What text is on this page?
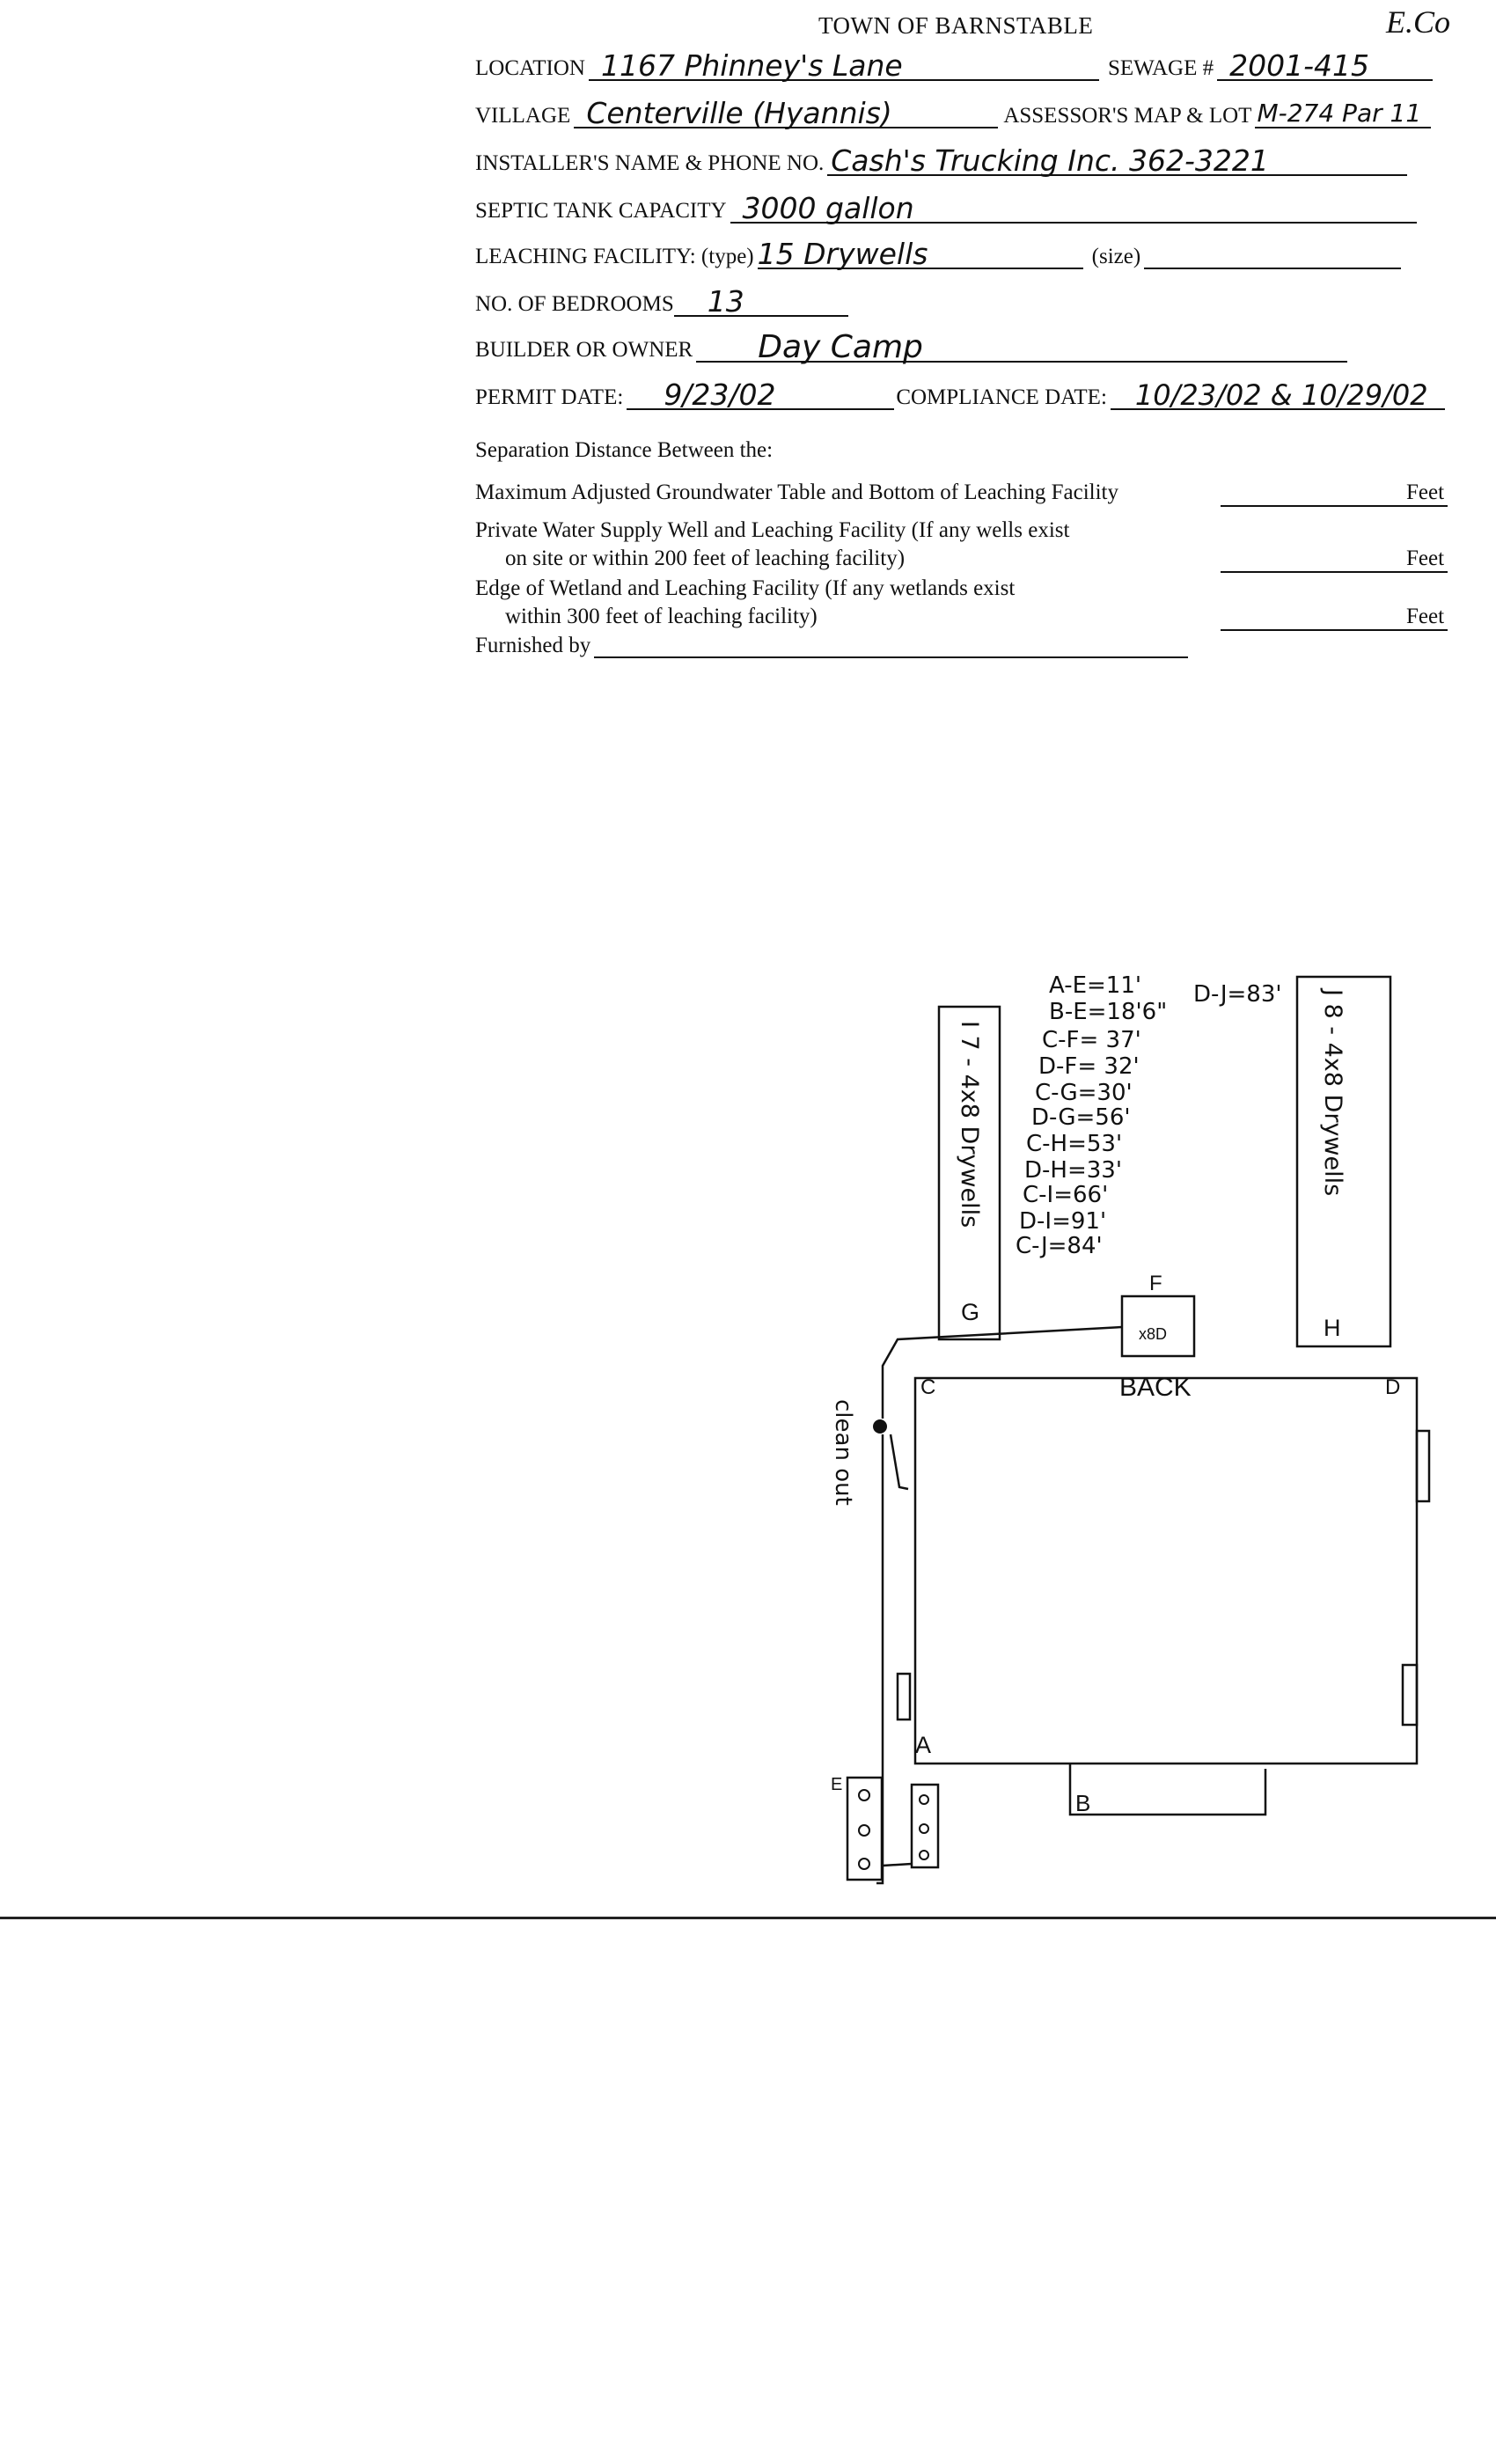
TOWN OF BARNSTABLE	E.Co
LOCATION 1167 Phinney's Lane	SEWAGE # 2001-415
VILLAGE Centerville (Hyannis)	ASSESSOR'S MAP & LOT M-274 Par 11
INSTALLER'S NAME & PHONE NO. Cash's Trucking Inc. 362-3221
SEPTIC TANK CAPACITY 3000 gallon
LEACHING FACILITY: (type) 15 Drywells	(size)
NO. OF BEDROOMS	13
BUILDER OR OWNER	Day Camp
PERMIT DATE:	9/23/02	COMPLIANCE DATE:	10/23/02 & 10/29/02
Separation Distance Between the:
Maximum Adjusted Groundwater Table and Bottom of Leaching Facility	Feet
Private Water Supply Well and Leaching Facility (If any wells exist
on site or within 200 feet of leaching facility)	Feet
Edge of Wetland and Leaching Facility (If any wetlands exist
within 300 feet of leaching facility)	Feet
Furnished by
A-E=11'
B-E=18'6"
C-F= 37'
D-F= 32'
C-G=30'
D-G=56'
C-H=53'
D-H=33'
C-I=66'
D-I=91'
C-J=84'
D-J=83'
I 7 - 4x8 Drywells	J 8 - 4x8 Drywells
G
H
F
x8D
E
BACK
A
B
C	D
clean out
